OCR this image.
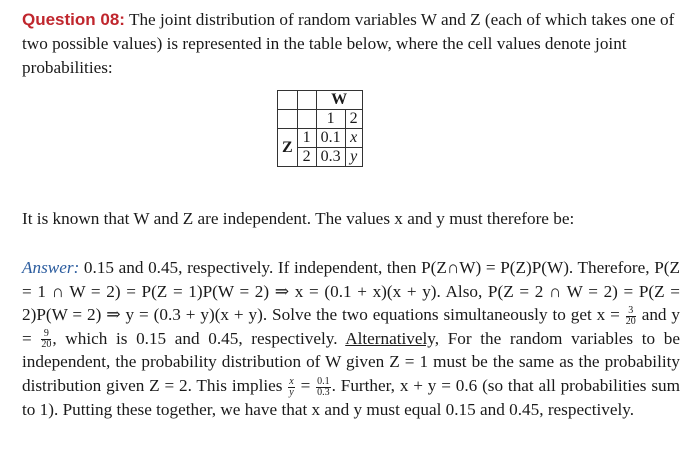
Question 08: The joint distribution of random variables W and Z (each of which takes one of two possible values) is represented in the table below, where the cell values denote joint probabilities:

		W	
		1	2
Z	1	0.1	x
	2	0.3	y

It is known that W and Z are independent. The values x and y must therefore be:

Answer: 0.15 and 0.45, respectively. If independent, then P(Z∩W) = P(Z)P(W). Therefore, P(Z = 1 ∩ W = 2) = P(Z = 1)P(W = 2) ⇒ x = (0.1 + x)(x + y). Also, P(Z = 2 ∩ W = 2) = P(Z = 2)P(W = 2) ⇒ y = (0.3 + y)(x + y). Solve the two equations simultaneously to get $x = \frac{3}{20}$ and $y = \frac{9}{20}$ , which is 0.15 and 0.45, respectively. Alternatively, For the random variables to be independent, the probability distribution of W given Z = 1 must be the same as the probability distribution given Z = 2. This implies $\frac{x}{y} = \frac{0.1}{0.3}$ . Further, x + y = 0.6 (so that all probabilities sum to 1). Putting these together, we have that x and y must equal 0.15 and 0.45, respectively.
